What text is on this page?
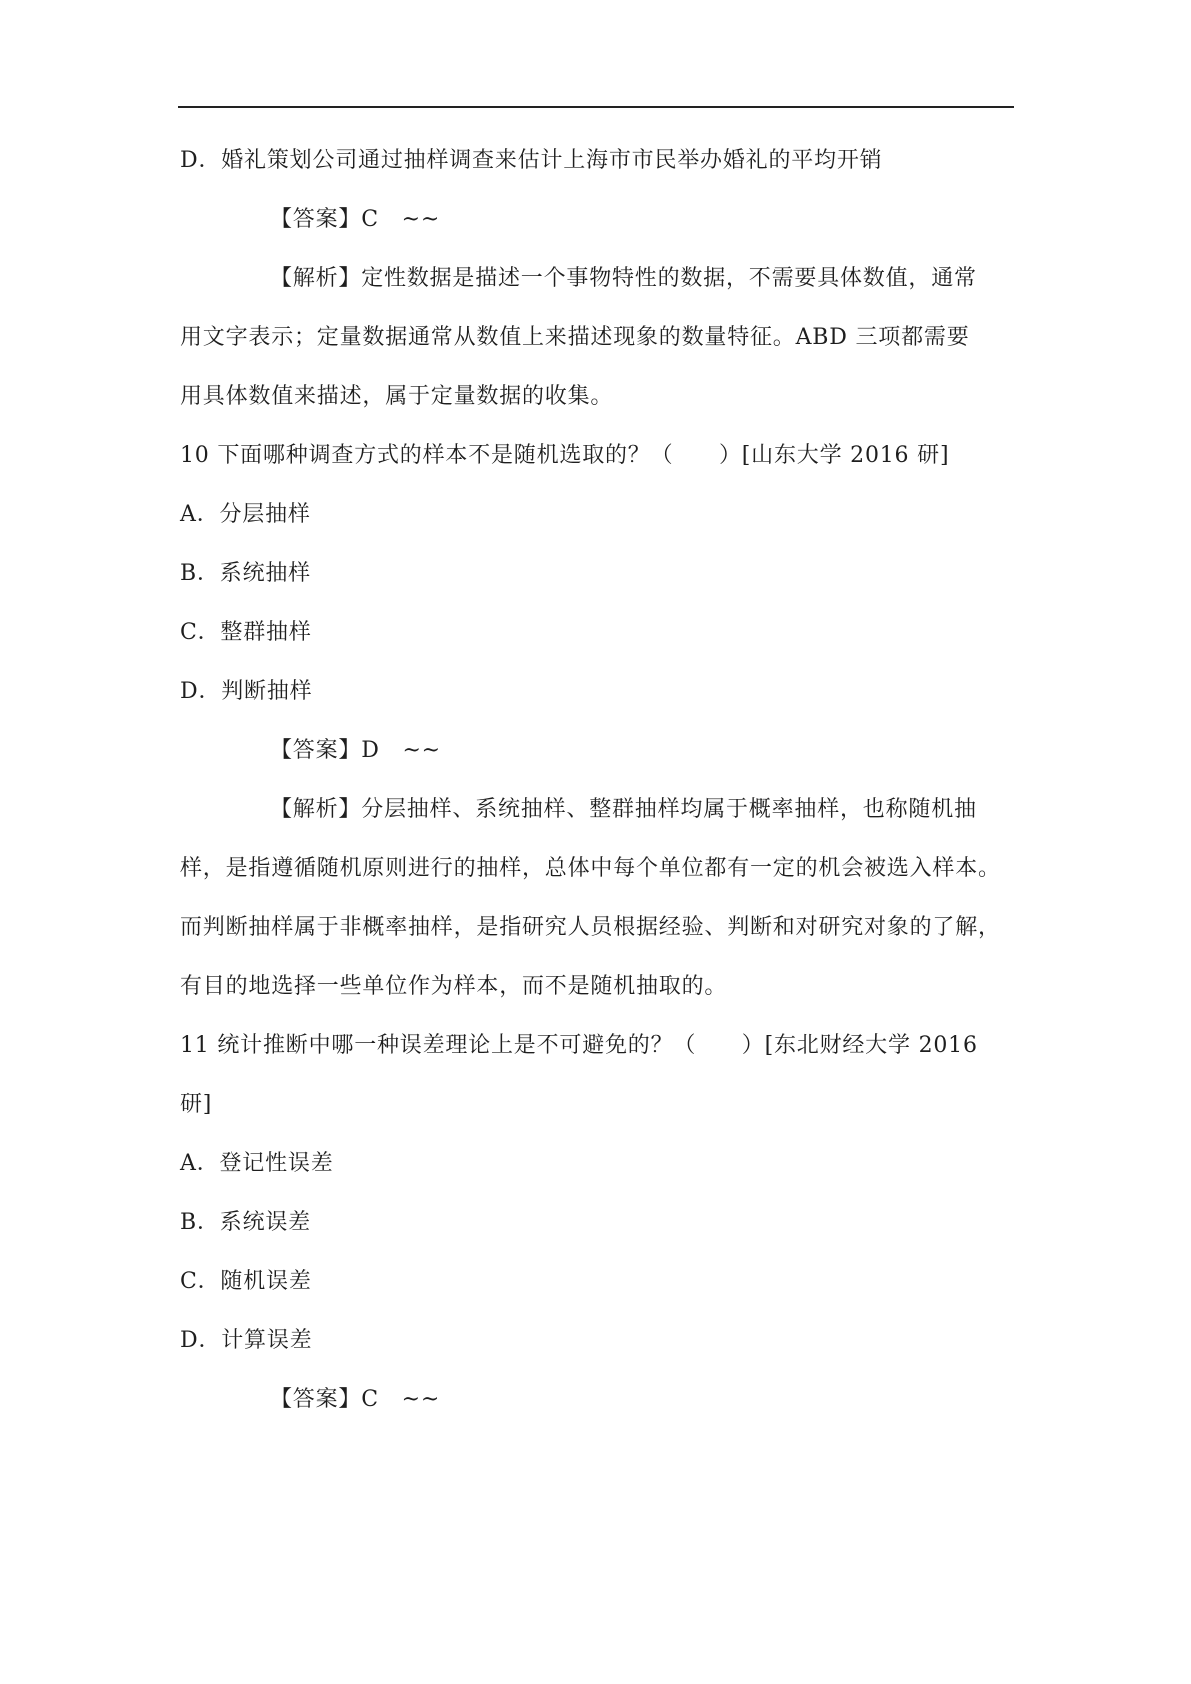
D．婚礼策划公司通过抽样调查来估计上海市市民举办婚礼的平均开销
【答案】C　~~
【解析】定性数据是描述一个事物特性的数据，不需要具体数值，通常
用文字表示；定量数据通常从数值上来描述现象的数量特征。ABD 三项都需要
用具体数值来描述，属于定量数据的收集。
10 下面哪种调查方式的样本不是随机选取的？（　　）[山东大学 2016 研]
A．分层抽样
B．系统抽样
C．整群抽样
D．判断抽样
【答案】D　~~
【解析】分层抽样、系统抽样、整群抽样均属于概率抽样，也称随机抽
样，是指遵循随机原则进行的抽样，总体中每个单位都有一定的机会被选入样本。
而判断抽样属于非概率抽样，是指研究人员根据经验、判断和对研究对象的了解，
有目的地选择一些单位作为样本，而不是随机抽取的。
11 统计推断中哪一种误差理论上是不可避免的？（　　）[东北财经大学 2016
研]
A．登记性误差
B．系统误差
C．随机误差
D．计算误差
【答案】C　~~
